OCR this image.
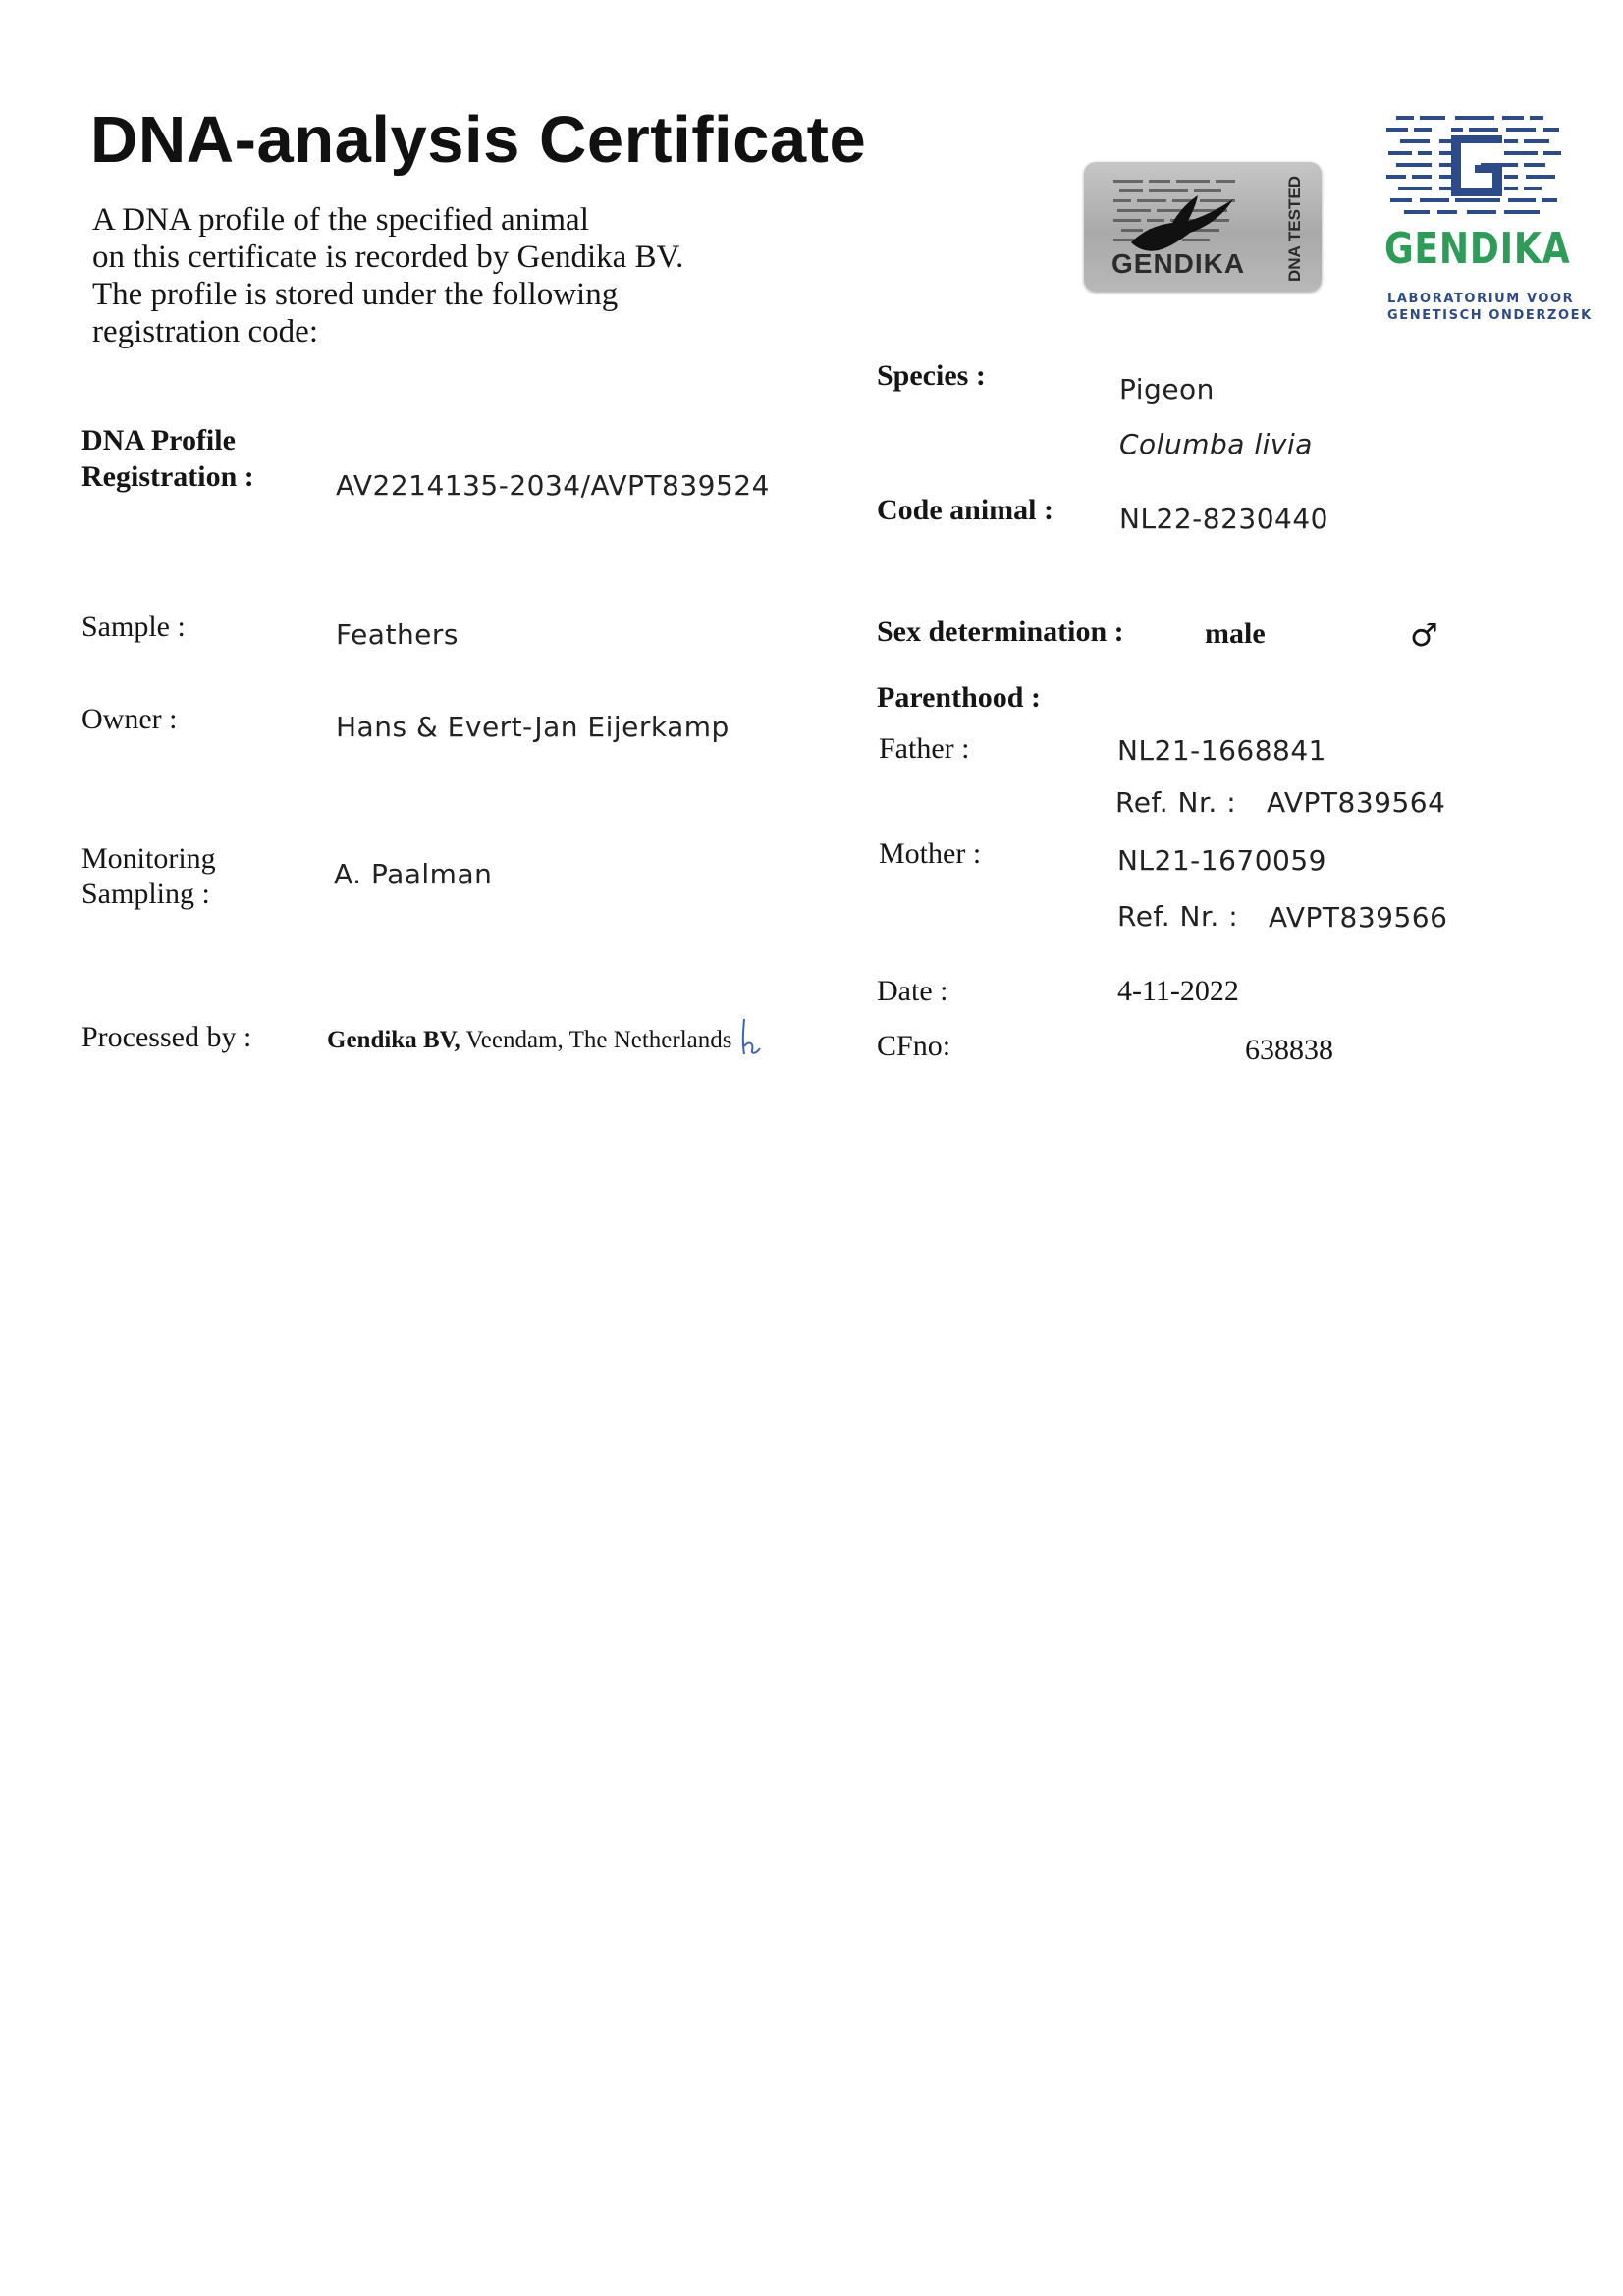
DNA-analysis Certificate
A DNA profile of the specified animal
on this certificate is recorded by Gendika BV.
The profile is stored under the following
registration code:
GENDIKA DNA TESTED GENDIKA
LABORATORIUM VOOR
GENETISCH ONDERZOEK
DNA Profile
Registration :	AV2214135-2034/AVPT839524
Sample :	Feathers
Owner :	Hans & Evert-Jan Eijerkamp
Monitoring
Sampling :
A. Paalman
Processed by :	Gendika BV, Veendam, The Netherlands
Species :	Pigeon
Columba livia
Code animal : NL22-8230440
Sex determination :	male	♂
Parenthood :
Father :	NL21-1668841
Ref. Nr. : AVPT839564
Mother :	NL21-1670059
Ref. Nr. : AVPT839566
Date :	4-11-2022
CFno:	638838
